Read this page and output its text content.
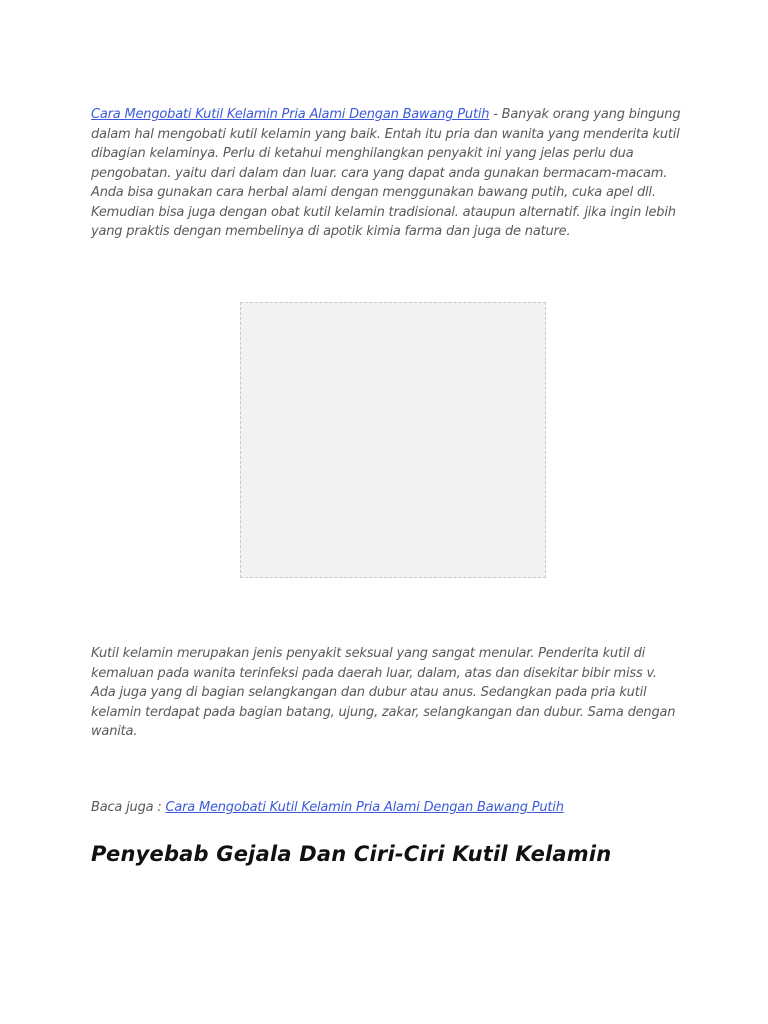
Cara Mengobati Kutil Kelamin Pria Alami Dengan Bawang Putih - Banyak orang yang bingung dalam hal mengobati kutil kelamin yang baik. Entah itu pria dan wanita yang menderita kutil dibagian kelaminya. Perlu di ketahui menghilangkan penyakit ini yang jelas perlu dua pengobatan. yaitu dari dalam dan luar. cara yang dapat anda gunakan bermacam-macam. Anda bisa gunakan cara herbal alami dengan menggunakan bawang putih, cuka apel dll. Kemudian bisa juga dengan obat kutil kelamin tradisional. ataupun alternatif. jika ingin lebih yang praktis dengan membelinya di apotik kimia farma dan juga de nature.

Kutil kelamin merupakan jenis penyakit seksual yang sangat menular. Penderita kutil di kemaluan pada wanita terinfeksi pada daerah luar, dalam, atas dan disekitar bibir miss v. Ada juga yang di bagian selangkangan dan dubur atau anus. Sedangkan pada pria kutil kelamin terdapat pada bagian batang, ujung, zakar, selangkangan dan dubur. Sama dengan wanita.

Baca juga : Cara Mengobati Kutil Kelamin Pria Alami Dengan Bawang Putih

Penyebab Gejala Dan Ciri-Ciri Kutil Kelamin
